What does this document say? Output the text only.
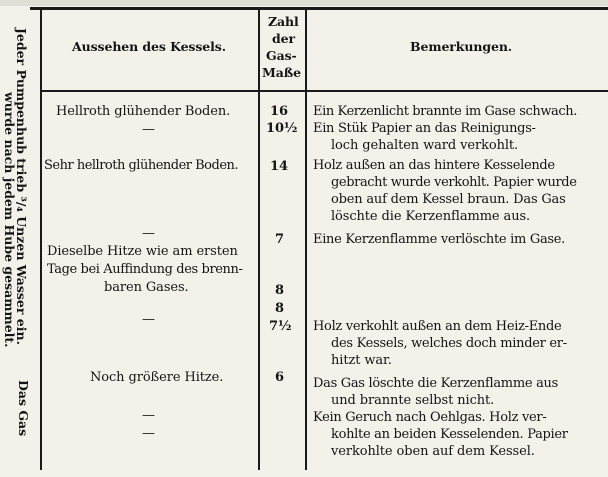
Jeder Pumpenhub trieb ³/₄ Unzen Wasser ein.
wurde nach jedem Hube gesammelt.
Das Gas
Aussehen des Kessels.
Zahl
der
Gas-
Maße
Bemerkungen.
Hellroth glühender Boden.
—
Sehr hellroth glühender Boden.
—
Dieselbe Hitze wie am ersten
Tage bei Auffindung des brenn-
baren Gases.
—
Noch größere Hitze.
—
—
16
10½
14
7
8
8
7½
6
Ein Kerzenlicht brannte im Gase schwach.
Ein Stük Papier an das Reinigungs-
loch gehalten ward verkohlt.
Holz außen an das hintere Kesselende
gebracht wurde verkohlt. Papier wurde
oben auf dem Kessel braun. Das Gas
löschte die Kerzenflamme aus.
Eine Kerzenflamme verlöschte im Gase.
Holz verkohlt außen an dem Heiz-Ende
des Kessels, welches doch minder er-
hitzt war.
Das Gas löschte die Kerzenflamme aus
und brannte selbst nicht.
Kein Geruch nach Oehlgas. Holz ver-
kohlte an beiden Kesselenden. Papier
verkohlte oben auf dem Kessel.
